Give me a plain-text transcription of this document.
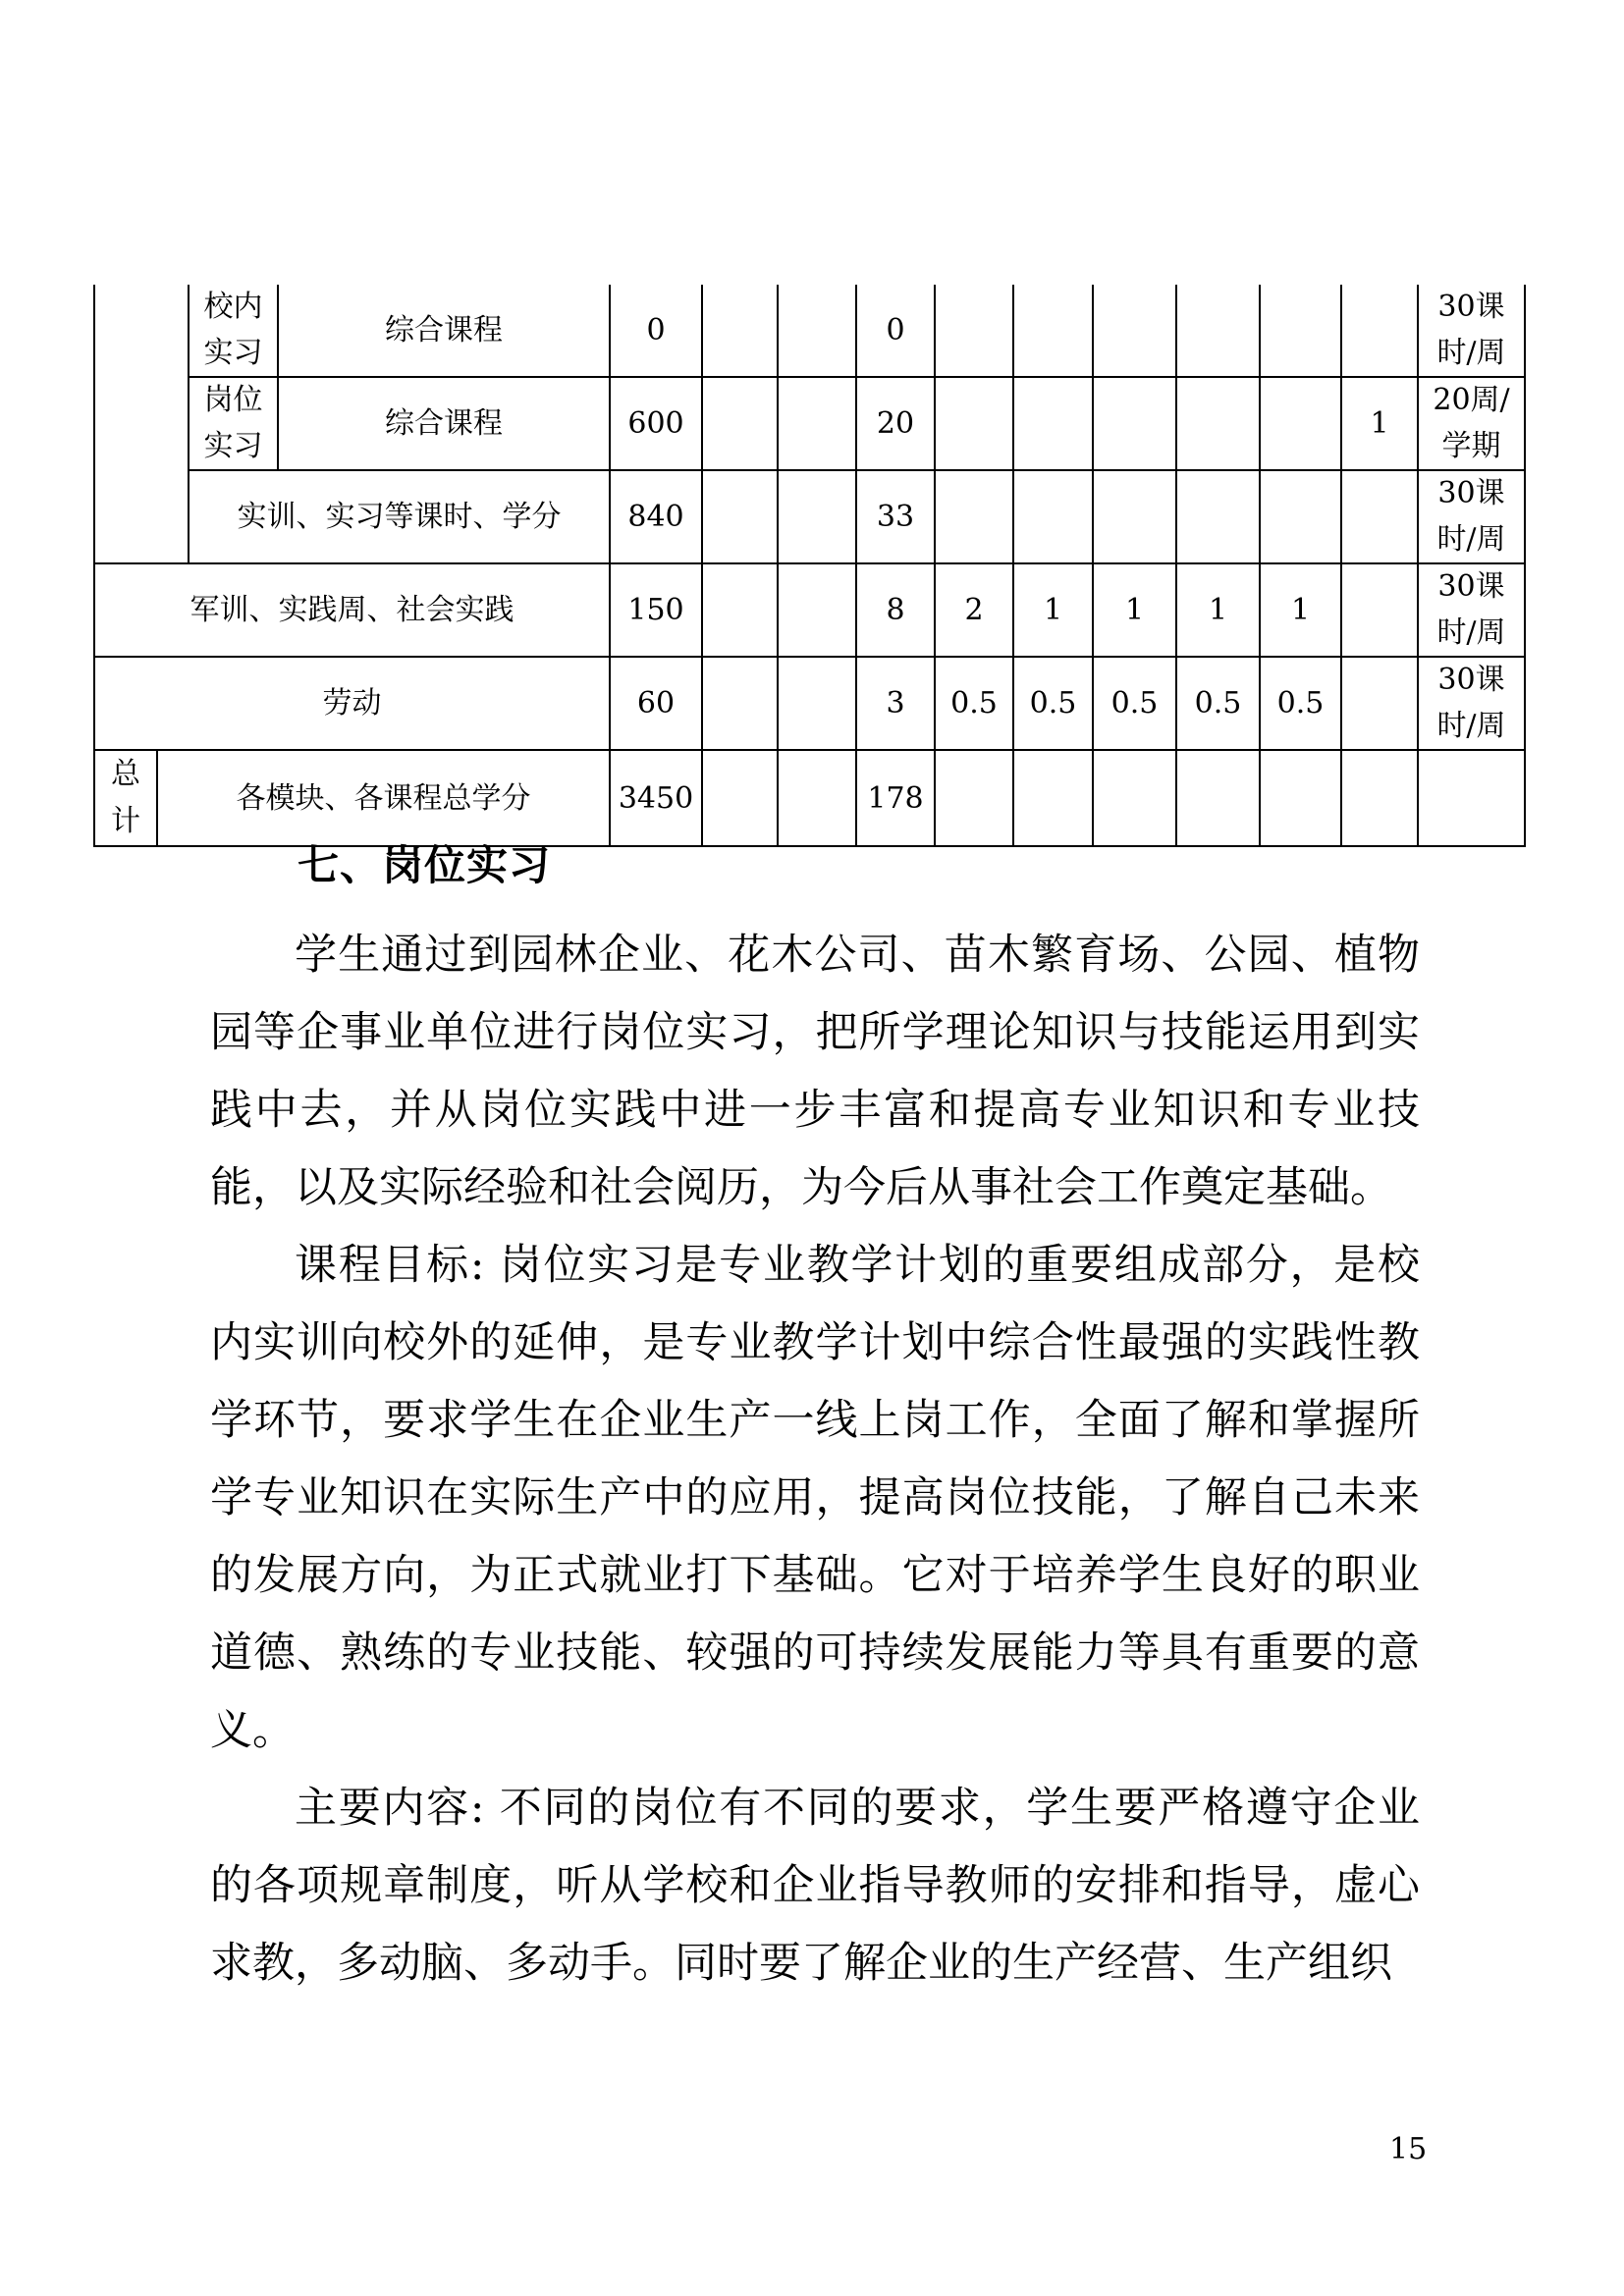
		校内实习	综合课程	0			0							30课时/周
		岗位实习	综合课程	600			20						1	20周/学期
		实训、实习等课时、学分		840			33							30课时/周
军训、实践周、社会实践				150			8	2	1	1	1	1		30课时/周
劳动				60			3	0.5	0.5	0.5	0.5	0.5		30课时/周
总计	各模块、各课程总学分			3450			178							
七、岗位实习

学生通过到园林企业、花木公司、苗木繁育场、公园、植物园等企事业单位进行岗位实习，把所学理论知识与技能运用到实践中去，并从岗位实践中进一步丰富和提高专业知识和专业技能，以及实际经验和社会阅历，为今后从事社会工作奠定基础。

课程目标: 岗位实习是专业教学计划的重要组成部分，是校内实训向校外的延伸，是专业教学计划中综合性最强的实践性教学环节，要求学生在企业生产一线上岗工作，全面了解和掌握所学专业知识在实际生产中的应用，提高岗位技能，了解自己未来的发展方向，为正式就业打下基础。它对于培养学生良好的职业道德、熟练的专业技能、较强的可持续发展能力等具有重要的意义。

主要内容: 不同的岗位有不同的要求，学生要严格遵守企业的各项规章制度，听从学校和企业指导教师的安排和指导，虚心求教，多动脑、多动手。同时要了解企业的生产经营、生产组织

15
